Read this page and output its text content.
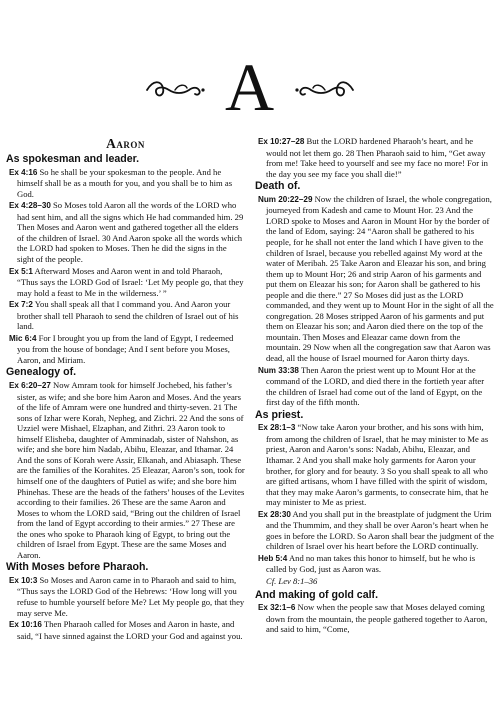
A
Aaron
As spokesman and leader.
Ex 4:16 So he shall be your spokesman to the people. And he himself shall be as a mouth for you, and you shall be to him as God.
Ex 4:28–30 So Moses told Aaron all the words of the LORD who had sent him, and all the signs which He had commanded him. 29 Then Moses and Aaron went and gathered together all the elders of the children of Israel. 30 And Aaron spoke all the words which the LORD had spoken to Moses. Then he did the signs in the sight of the people.
Ex 5:1 Afterward Moses and Aaron went in and told Pharaoh, “Thus says the LORD God of Israel: ‘Let My people go, that they may hold a feast to Me in the wilderness.’ ”
Ex 7:2 You shall speak all that I command you. And Aaron your brother shall tell Pharaoh to send the children of Israel out of his land.
Mic 6:4 For I brought you up from the land of Egypt, I redeemed you from the house of bondage; And I sent before you Moses, Aaron, and Miriam.
Genealogy of.
Ex 6:20–27 Now Amram took for himself Jochebed, his father’s sister, as wife; and she bore him Aaron and Moses. And the years of the life of Amram were one hundred and thirty-seven. 21 The sons of Izhar were Korah, Nepheg, and Zichri. 22 And the sons of Uzziel were Mishael, Elzaphan, and Zithri. 23 Aaron took to himself Elisheba, daughter of Amminadab, sister of Nahshon, as wife; and she bore him Nadab, Abihu, Eleazar, and Ithamar. 24 And the sons of Korah were Assir, Elkanah, and Abiasaph. These are the families of the Korahites. 25 Eleazar, Aaron’s son, took for himself one of the daughters of Putiel as wife; and she bore him Phinehas. These are the heads of the fathers’ houses of the Levites according to their families. 26 These are the same Aaron and Moses to whom the LORD said, “Bring out the children of Israel from the land of Egypt according to their armies.” 27 These are the ones who spoke to Pharaoh king of Egypt, to bring out the children of Israel from Egypt. These are the same Moses and Aaron.
With Moses before Pharaoh.
Ex 10:3 So Moses and Aaron came in to Pharaoh and said to him, “Thus says the LORD God of the Hebrews: ‘How long will you refuse to humble yourself before Me? Let My people go, that they may serve Me.
Ex 10:16 Then Pharaoh called for Moses and Aaron in haste, and said, “I have sinned against the LORD your God and against you.
Ex 10:27–28 But the LORD hardened Pharaoh’s heart, and he would not let them go. 28 Then Pharaoh said to him, “Get away from me! Take heed to yourself and see my face no more! For in the day you see my face you shall die!”
Death of.
Num 20:22–29 Now the children of Israel, the whole congregation, journeyed from Kadesh and came to Mount Hor. 23 And the LORD spoke to Moses and Aaron in Mount Hor by the border of the land of Edom, saying: 24 “Aaron shall be gathered to his people, for he shall not enter the land which I have given to the children of Israel, because you rebelled against My word at the water of Meribah. 25 Take Aaron and Eleazar his son, and bring them up to Mount Hor; 26 and strip Aaron of his garments and put them on Eleazar his son; for Aaron shall be gathered to his people and die there.” 27 So Moses did just as the LORD commanded, and they went up to Mount Hor in the sight of all the congregation. 28 Moses stripped Aaron of his garments and put them on Eleazar his son; and Aaron died there on the top of the mountain. Then Moses and Eleazar came down from the mountain. 29 Now when all the congregation saw that Aaron was dead, all the house of Israel mourned for Aaron thirty days.
Num 33:38 Then Aaron the priest went up to Mount Hor at the command of the LORD, and died there in the fortieth year after the children of Israel had come out of the land of Egypt, on the first day of the fifth month.
As priest.
Ex 28:1–3 “Now take Aaron your brother, and his sons with him, from among the children of Israel, that he may minister to Me as priest, Aaron and Aaron’s sons: Nadab, Abihu, Eleazar, and Ithamar. 2 And you shall make holy garments for Aaron your brother, for glory and for beauty. 3 So you shall speak to all who are gifted artisans, whom I have filled with the spirit of wisdom, that they may make Aaron’s garments, to consecrate him, that he may minister to Me as priest.
Ex 28:30 And you shall put in the breastplate of judgment the Urim and the Thummim, and they shall be over Aaron’s heart when he goes in before the LORD. So Aaron shall bear the judgment of the children of Israel over his heart before the LORD continually.
Heb 5:4 And no man takes this honor to himself, but he who is called by God, just as Aaron was.
Cf. Lev 8:1–36
And making of gold calf.
Ex 32:1–6 Now when the people saw that Moses delayed coming down from the mountain, the people gathered together to Aaron, and said to him, “Come,
